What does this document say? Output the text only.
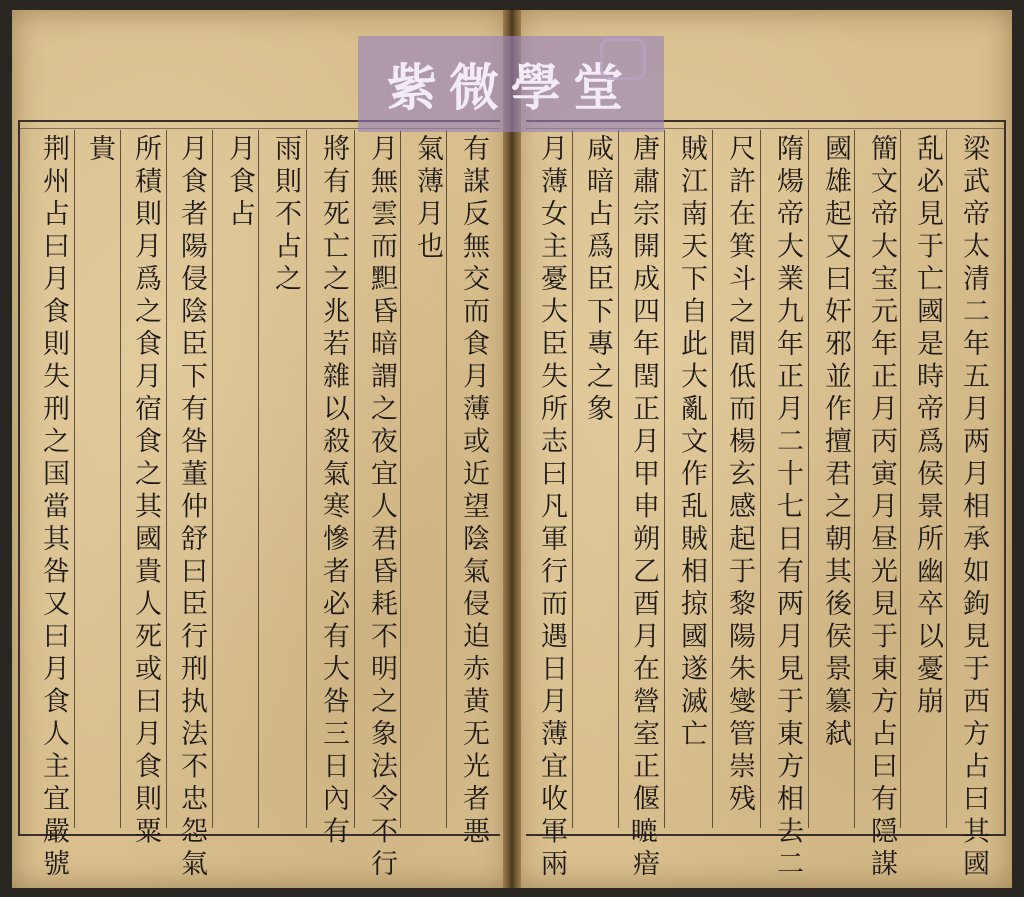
梁武帝太清二年五月两月相承如鉤見于西方占曰其國
乱必見于亡國是時帝爲侯景所幽卒以憂崩
簡文帝大宝元年正月丙寅月昼光見于東方占曰有隠謀
國雄起又曰奸邪並作擅君之朝其後侯景簒弑
隋煬帝大業九年正月二十七日有两月見于東方相去二
尺許在箕斗之間低而楊玄感起于黎陽朱燮管崇残
賊江南天下自此大亂文作乱賊相掠國遂滅亡
唐肅宗開成四年閏正月甲申朔乙酉月在營室正偃𥉶瘖
咸暗占爲臣下專之象
月薄女主憂大臣失所志曰凡軍行而遇日月薄宜收軍兩
有謀反無交而食月薄或近望陰氣侵迫赤黄无光者悪
氣薄月也
月無雲而䵣昏暗謂之夜宜人君昏耗不明之象法令不行
將有死亡之兆若雜以殺氣寒慘者必有大咎三日內有
雨則不占之
月食占
月食者陽侵陰臣下有咎董仲舒曰臣行刑执法不忠怨氣
所積則月爲之食月宿食之其國貴人死或曰月食則粟
貴
荆州占曰月食則失刑之国當其咎又曰月食人主宜嚴號
紫微學堂
